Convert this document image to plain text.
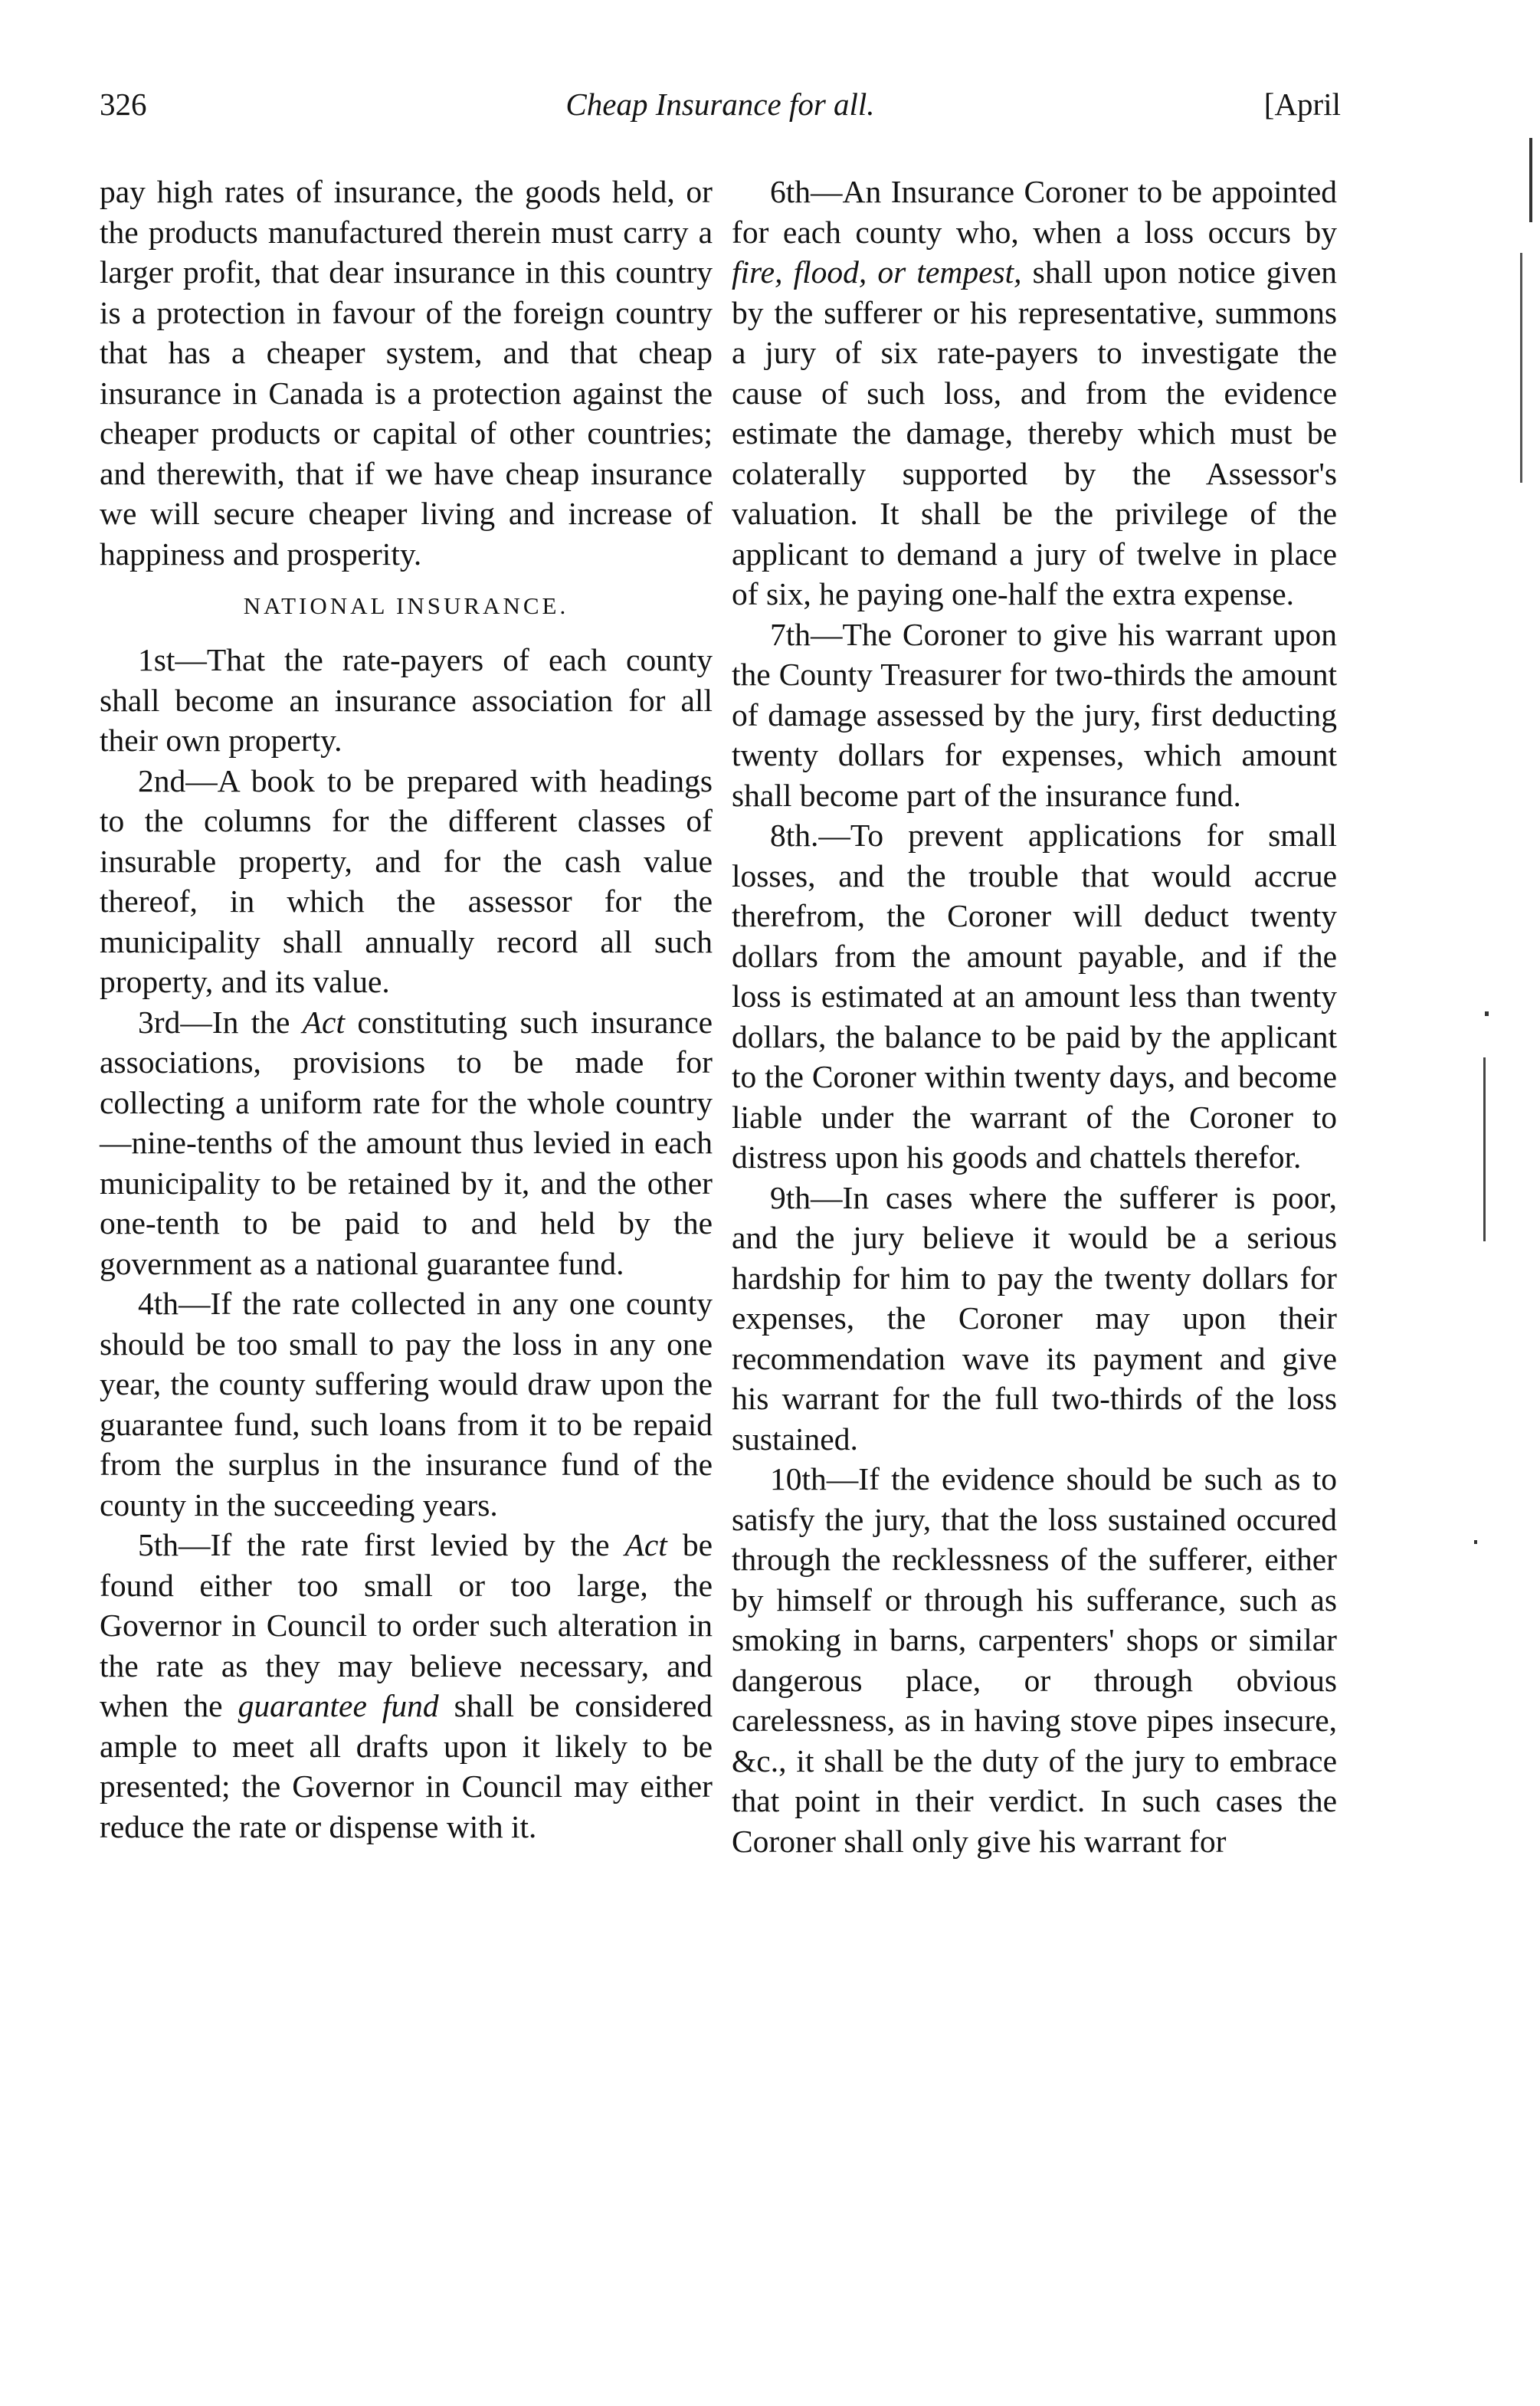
326	Cheap Insurance for all.	[April

pay high rates of insurance, the goods held, or the products manufactured therein must carry a larger profit, that dear insurance in this country is a protection in favour of the foreign country that has a cheaper system, and that cheap insurance in Canada is a protection against the cheaper products or capital of other countries; and therewith, that if we have cheap insurance we will secure cheaper living and increase of happiness and prosperity.

NATIONAL INSURANCE.

1st—That the rate-payers of each county shall become an insurance association for all their own property.

2nd—A book to be prepared with headings to the columns for the different classes of insurable property, and for the cash value thereof, in which the assessor for the municipality shall annually record all such property, and its value.

3rd—In the Act constituting such insurance associations, provisions to be made for collecting a uniform rate for the whole country—nine-tenths of the amount thus levied in each municipality to be retained by it, and the other one-tenth to be paid to and held by the government as a national guarantee fund.

4th—If the rate collected in any one county should be too small to pay the loss in any one year, the county suffering would draw upon the guarantee fund, such loans from it to be repaid from the surplus in the insurance fund of the county in the succeeding years.

5th—If the rate first levied by the Act be found either too small or too large, the Governor in Council to order such alteration in the rate as they may believe necessary, and when the guarantee fund shall be considered ample to meet all drafts upon it likely to be presented; the Governor in Council may either reduce the rate or dispense with it.

6th—An Insurance Coroner to be appointed for each county who, when a loss occurs by fire, flood, or tempest, shall upon notice given by the sufferer or his representative, summons a jury of six rate-payers to investigate the cause of such loss, and from the evidence estimate the damage, thereby which must be colaterally supported by the Assessor's valuation. It shall be the privilege of the applicant to demand a jury of twelve in place of six, he paying one-half the extra expense.

7th—The Coroner to give his warrant upon the County Treasurer for two-thirds the amount of damage assessed by the jury, first deducting twenty dollars for expenses, which amount shall become part of the insurance fund.

8th.—To prevent applications for small losses, and the trouble that would accrue therefrom, the Coroner will deduct twenty dollars from the amount payable, and if the loss is estimated at an amount less than twenty dollars, the balance to be paid by the applicant to the Coroner within twenty days, and become liable under the warrant of the Coroner to distress upon his goods and chattels therefor.

9th—In cases where the sufferer is poor, and the jury believe it would be a serious hardship for him to pay the twenty dollars for expenses, the Coroner may upon their recommendation wave its payment and give his warrant for the full two-thirds of the loss sustained.

10th—If the evidence should be such as to satisfy the jury, that the loss sustained occured through the recklessness of the sufferer, either by himself or through his sufferance, such as smoking in barns, carpenters' shops or similar dangerous place, or through obvious carelessness, as in having stove pipes insecure, &c., it shall be the duty of the jury to embrace that point in their verdict. In such cases the Coroner shall only give his warrant for
